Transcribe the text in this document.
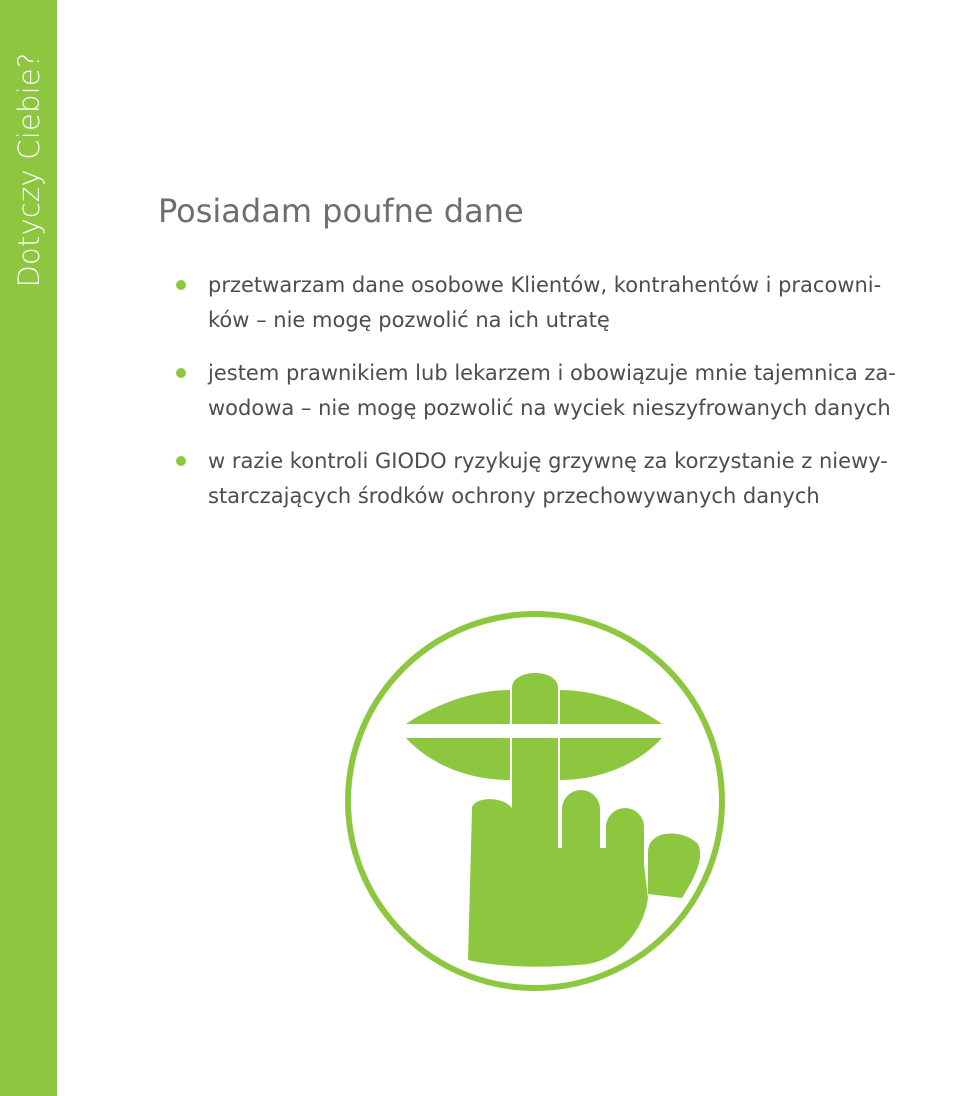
Dotyczy Ciebie?	Posiadam poufne dane
przetwarzam dane osobowe Klientów, kontrahentów i pracowni-
ków – nie mogę pozwolić na ich utratę
jestem prawnikiem lub lekarzem i obowiązuje mnie tajemnica za-
wodowa – nie mogę pozwolić na wyciek nieszyfrowanych danych
w razie kontroli GIODO ryzykuję grzywnę za korzystanie z niewy-
starczających środków ochrony przechowywanych danych
